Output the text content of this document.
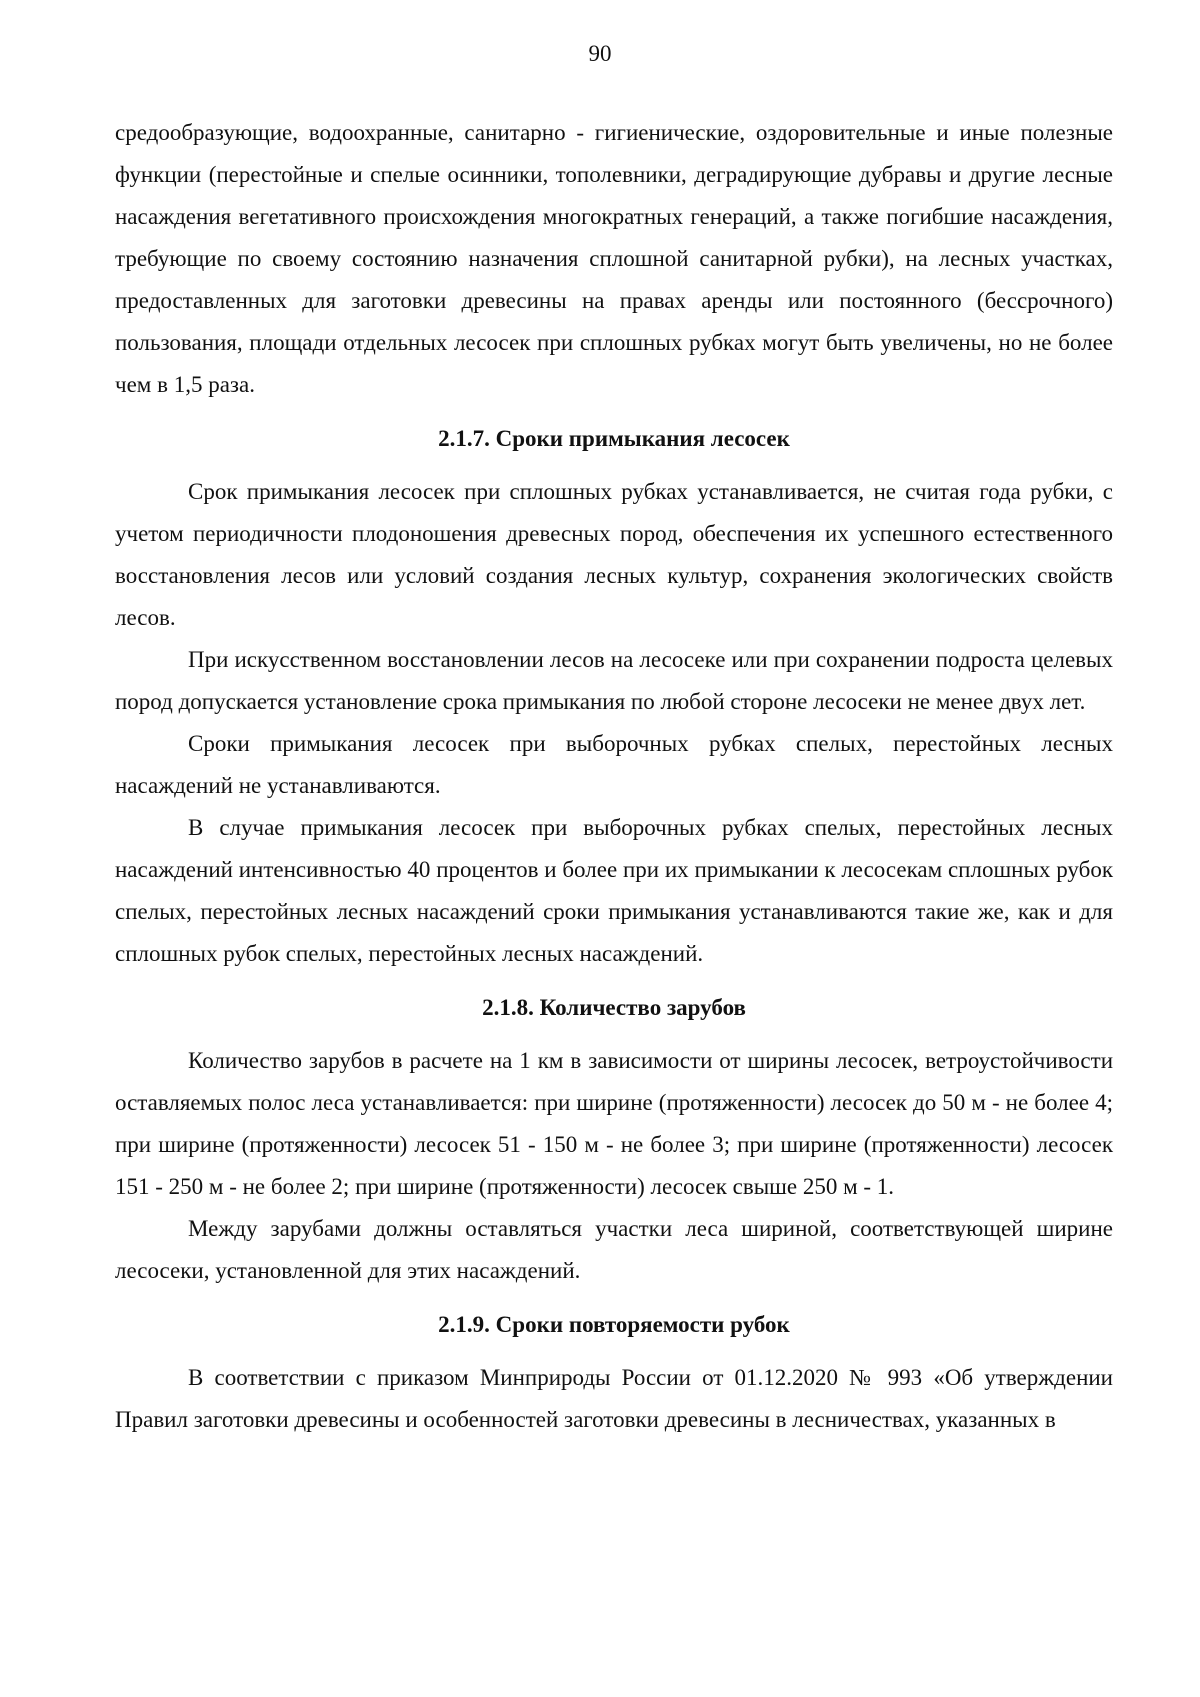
90

средообразующие, водоохранные, санитарно - гигиенические, оздоровительные и иные полезные функции (перестойные и спелые осинники, тополевники, деградирующие дубравы и другие лесные насаждения вегетативного происхождения многократных генераций, а также погибшие насаждения, требующие по своему состоянию назначения сплошной санитарной рубки), на лесных участках, предоставленных для заготовки древесины на правах аренды или постоянного (бессрочного) пользования, площади отдельных лесосек при сплошных рубках могут быть увеличены, но не более чем в 1,5 раза.

2.1.7. Сроки примыкания лесосек

Срок примыкания лесосек при сплошных рубках устанавливается, не считая года рубки, с учетом периодичности плодоношения древесных пород, обеспечения их успешного естественного восстановления лесов или условий создания лесных культур, сохранения экологических свойств лесов.

При искусственном восстановлении лесов на лесосеке или при сохранении подроста целевых пород допускается установление срока примыкания по любой стороне лесосеки не менее двух лет.

Сроки примыкания лесосек при выборочных рубках спелых, перестойных лесных насаждений не устанавливаются.

В случае примыкания лесосек при выборочных рубках спелых, перестойных лесных насаждений интенсивностью 40 процентов и более при их примыкании к лесосекам сплошных рубок спелых, перестойных лесных насаждений сроки примыкания устанавливаются такие же, как и для сплошных рубок спелых, перестойных лесных насаждений.

2.1.8. Количество зарубов

Количество зарубов в расчете на 1 км в зависимости от ширины лесосек, ветроустойчивости оставляемых полос леса устанавливается: при ширине (протяженности) лесосек до 50 м - не более 4; при ширине (протяженности) лесосек 51 - 150 м - не более 3; при ширине (протяженности) лесосек 151 - 250 м - не более 2; при ширине (протяженности) лесосек свыше 250 м - 1.

Между зарубами должны оставляться участки леса шириной, соответствующей ширине лесосеки, установленной для этих насаждений.

2.1.9. Сроки повторяемости рубок

В соответствии с приказом Минприроды России от 01.12.2020 № 993 «Об утверждении Правил заготовки древесины и особенностей заготовки древесины в лесничествах, указанных в
